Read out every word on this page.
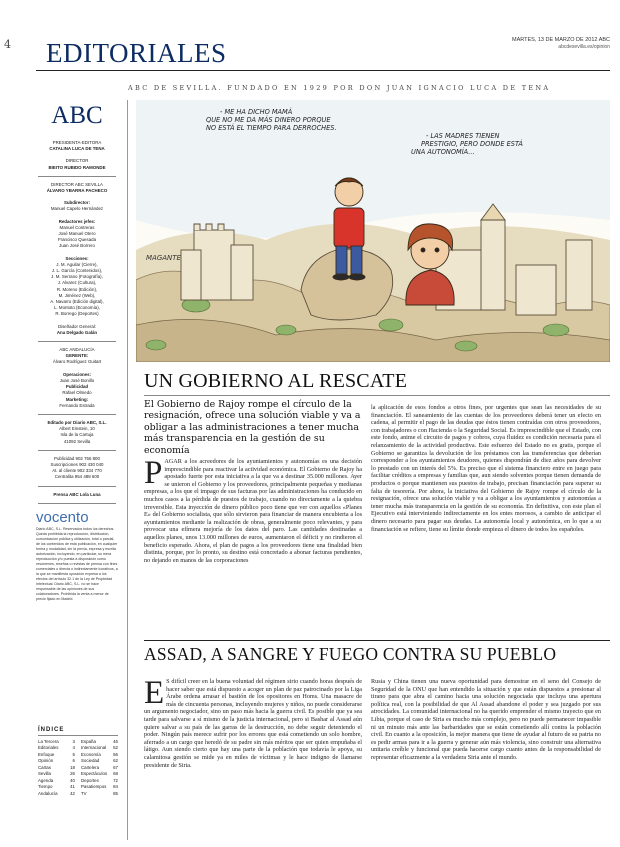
4 EDITORIALES	MARTES, 13 DE MARZO DE 2012 ABC
abcdesevilla.es/opinion
ABC DE SEVILLA. FUNDADO EN 1929 POR DON JUAN IGNACIO LUCA DE TENA
ABC
PRESIDENTA-EDITORA
CATALINA LUCA DE TENA
DIRECTOR
BIEITO RUBIDO RAMONDE
DIRECTOR ABC SEVILLA
ÁLVARO YBARRA PACHECO
Subdirector:
Manuel Capelo Hernández
Redactores jefes:
Manuel Contreras
José Manuel Otero
Francisco Quesada
Juan José Borrero
Secciones:
J. M. Aguilar (Cierre),
J. L. García (Contenidos),
J. M. Serrano (Fotografía),
J. Alvarez (Cultura),
R. Moreno (Edición),
M. Jiménez (Web),
A. Navarro (Edición digital),
L. Montoto (Economía),
R. Borrego (Deportes)
Diseñador General:
Ana Delgado Galán
ABC ANDALUCÍA
GERENTE:
Álvaro Rodríguez Guitart
Operaciones:
Juan José Bonillo
Publicidad
Rafael Olmedo
Marketing:
Fernando Estrada
Editado por Diario ABC, S.L.
Albert Einstein, 10
Isla de la Cartuja
41092 Sevilla
Publicidad 902 766 800
Suscripciones 902 430 040
At. al cliente 902 334 770
Centralita 954 488 600
Prensa ABC Lola Luna
vocento
Diario ABC, S.L. Reservados todos los derechos. Queda prohibida la reproducción, distribución, comunicación pública y utilización, total o parcial, de los contenidos de esta publicación, en cualquier forma y modalidad, sin la previa, expresa y escrita autorización, incluyendo, en particular, su mera reproducción y/o puesta a disposición como resúmenes, reseñas o revistas de prensa con fines comerciales o directa o indirectamente lucrativos, a la que se manifiesta oposición expresa a los efectos del artículo 32.1 de la Ley de Propiedad Intelectual. Diario ABC, S.L. no se hace responsable de las opiniones de sus colaboradores. Prohibida la venta a menor de precio fijado en Madrid.
ÍNDICE
La Tercera	3
Editoriales	4
Enfoque	5
Opinión	6
Cartas	18
Sevilla	26
Agenda	40
Tiempo	41
Andalucía	42
España	46
Internacional 52
Economía	56
Sociedad	62
Cartelera	67
Espectáculos 68
Deportes	72
Pasatiempos 84
TV	85
- ME HA DICHO MAMÁ QUE NO ME DA MÁS DINERO PORQUE NO ESTÁ EL TIEMPO PARA DERROCHES.
- LAS MADRES TIENEN PRESTIGIO, PERO DONDE ESTÁ UNA AUTONOMÍA...
MAGANTE
UN GOBIERNO AL RESCATE
El Gobierno de Rajoy rompe el círculo de la resignación, ofrece una solución viable y va a obligar a las administraciones a tener mucha más transparencia en la gestión de su economía
PAGAR a los acreedores de los ayuntamientos y autonomías es una decisión imprescindible para reactivar la actividad económica. El Gobierno de Rajoy ha apostado fuerte por esta iniciativa a la que va a destinar 35.000 millones. Ayer se unieron el Gobierno y los proveedores, principalmente pequeñas y medianas empresas, a los que el impago de sus facturas por las administraciones ha conducido en muchos casos a la pérdida de puestos de trabajo, cuando no directamente a la quiebra irreversible. Esta inyección de dinero público poco tiene que ver con aquellos «Planes E» del Gobierno socialista, que sólo sirvieron para financiar de manera encubierta a los ayuntamientos mediante la realización de obras, generalmente poco relevantes, y para provocar una efímera mejoría de los datos del paro. Las cantidades destinadas a aquellos planes, unos 13.000 millones de euros, aumentaron el déficit y no rindieron el beneficio esperado. Ahora, el plan de pagos a los proveedores tiene una finalidad bien distinta, porque, por lo pronto, su destino está concretado a abonar facturas pendientes, no dejando en manos de las corporaciones
la aplicación de esos fondos a otros fines, por urgentes que sean las necesidades de su financiación. El saneamiento de las cuentas de los proveedores deberá tener un efecto en cadena, al permitir el pago de las deudas que éstos tienen contraídas con otros proveedores, con trabajadores o con Hacienda o la Seguridad Social. Es imprescindible que el Estado, con este fondo, anime el circuito de pagos y cobros, cuya fluidez es condición necesaria para el relanzamiento de la actividad productiva. Este esfuerzo del Estado no es gratis, porque el Gobierno se garantiza la devolución de los préstamos con las transferencias que deberían corresponder a los ayuntamientos deudores, quienes dispondrán de diez años para devolver lo prestado con un interés del 5%. Es preciso que el sistema financiero entre en juego para facilitar créditos a empresas y familias que, aun siendo solventes porque tienen demanda de productos o porque mantienen sus puestos de trabajo, precisan financiación para superar su falta de tesorería. Por ahora, la iniciativa del Gobierno de Rajoy rompe el círculo de la resignación, ofrece una solución viable y va a obligar a los ayuntamientos y autonomías a tener mucha más transparencia en la gestión de su economía. En definitiva, con este plan el Ejecutivo está interviniendo indirectamente en los entes morosos, a cambio de anticipar el dinero necesario para pagar sus deudas. La autonomía local y autonómica, en lo que a su financiación se refiere, tiene su límite donde empieza el dinero de todos los españoles.
ASSAD, A SANGRE Y FUEGO CONTRA SU PUEBLO
E S difícil creer en la buena voluntad del régimen sirio cuando horas después de hacer saber que está dispuesto a acoger un plan de paz patrocinado por la Liga Árabe ordena arrasar el bastión de los opositores en Homs. Una masacre de más de cincuenta personas, incluyendo mujeres y niños, no puede considerarse un argumento negociador, sino un paso más hacia la guerra civil. Es posible que ya sea tarde para salvarse a sí mismo de la justicia internacional, pero si Bashar al Assad aún quiere salvar a su país de las garras de la destrucción, no debe seguir deteniendo el poder. Ningún país merece sufrir por los errores que está cometiendo un solo hombre, aferrado a un cargo que heredó de su padre sin más méritos que ser quien empuñaba el látigo. Aun siendo cierto que hay una parte de la población que todavía le apoya, su calamitosa gestión se mide ya en miles de víctimas y le hace indigno de llamarse presidente de Siria.
Rusia y China tienen una nueva oportunidad para demostrar en el seno del Consejo de Seguridad de la ONU que han entendido la situación y que están dispuestos a presionar al tirano para que abra el camino hacia una solución negociada que incluya una apertura política real, con la posibilidad de que Al Assad abandone el poder y sea juzgado por sus atrocidades. La comunidad internacional no ha querido emprender el mismo trayecto que en Libia, porque el caso de Siria es mucho más complejo, pero no puede permanecer impasible ni un minuto más ante las barbaridades que se están cometiendo allí contra la población civil. En cuanto a la oposición, la mejor manera que tiene de ayudar al futuro de su patria no es pedir armas para ir a la guerra y generar aún más violencia, sino construir una alternativa unitaria creíble y funcional que pueda hacerse cargo cuanto antes de la responsabilidad de representar eficazmente a la verdadera Siria ante el mundo.
